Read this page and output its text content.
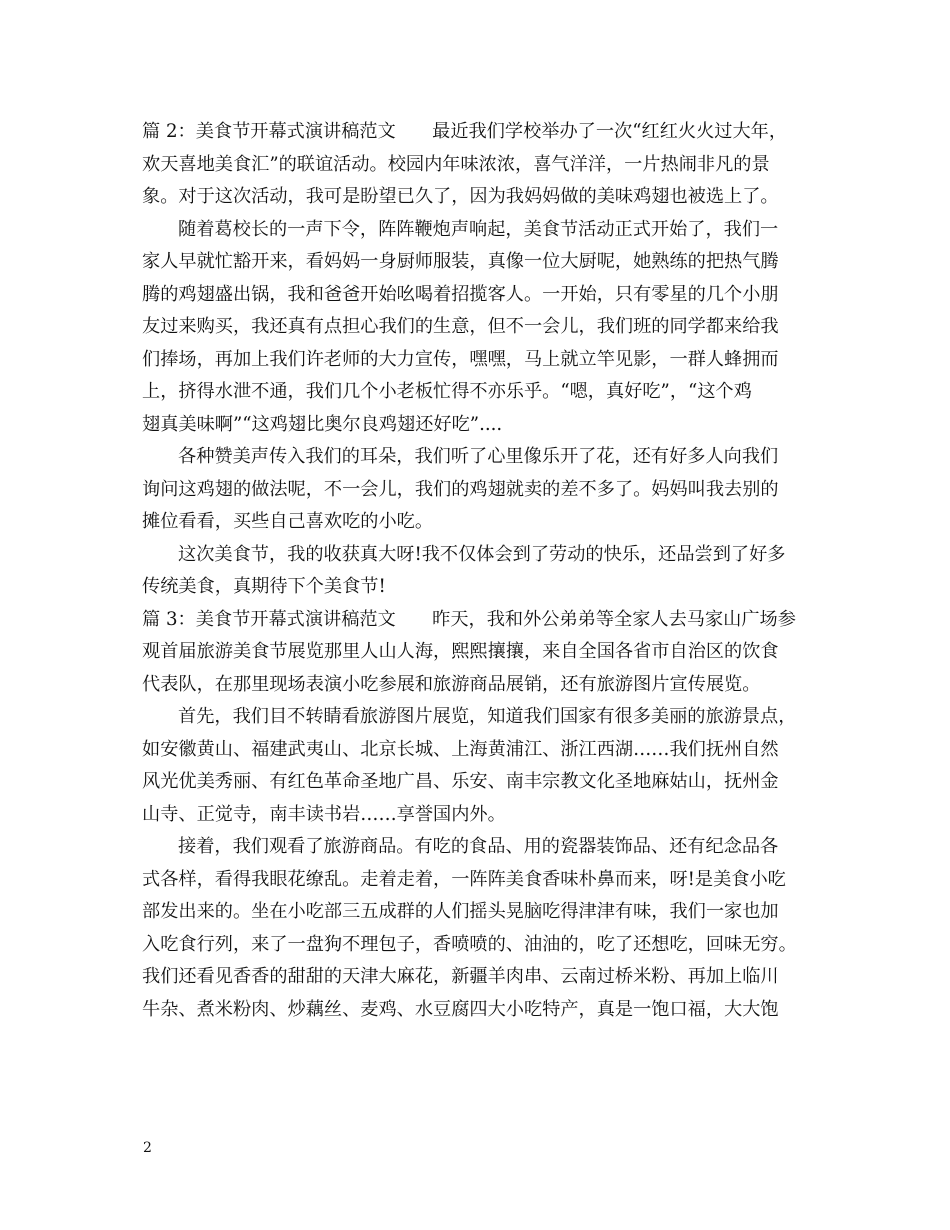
篇 2：美食节开幕式演讲稿范文　　最近我们学校举办了一次“红红火火过大年，
欢天喜地美食汇”的联谊活动。校园内年味浓浓，喜气洋洋，一片热闹非凡的景
象。对于这次活动，我可是盼望已久了，因为我妈妈做的美味鸡翅也被选上了。
随着葛校长的一声下令，阵阵鞭炮声响起，美食节活动正式开始了，我们一
家人早就忙豁开来，看妈妈一身厨师服装，真像一位大厨呢，她熟练的把热气腾
腾的鸡翅盛出锅，我和爸爸开始吆喝着招揽客人。一开始，只有零星的几个小朋
友过来购买，我还真有点担心我们的生意，但不一会儿，我们班的同学都来给我
们捧场，再加上我们许老师的大力宣传，嘿嘿，马上就立竿见影，一群人蜂拥而
上，挤得水泄不通，我们几个小老板忙得不亦乐乎。“嗯，真好吃”，“这个鸡
翅真美味啊”“这鸡翅比奥尔良鸡翅还好吃”....
各种赞美声传入我们的耳朵，我们听了心里像乐开了花，还有好多人向我们
询问这鸡翅的做法呢，不一会儿，我们的鸡翅就卖的差不多了。妈妈叫我去别的
摊位看看，买些自己喜欢吃的小吃。
这次美食节，我的收获真大呀!我不仅体会到了劳动的快乐，还品尝到了好多
传统美食，真期待下个美食节!
篇 3：美食节开幕式演讲稿范文　　昨天，我和外公弟弟等全家人去马家山广场参
观首届旅游美食节展览那里人山人海，熙熙攘攘，来自全国各省市自治区的饮食
代表队，在那里现场表演小吃参展和旅游商品展销，还有旅游图片宣传展览。
首先，我们目不转睛看旅游图片展览，知道我们国家有很多美丽的旅游景点，
如安徽黄山、福建武夷山、北京长城、上海黄浦江、浙江西湖……我们抚州自然
风光优美秀丽、有红色革命圣地广昌、乐安、南丰宗教文化圣地麻姑山，抚州金
山寺、正觉寺，南丰读书岩……享誉国内外。
接着，我们观看了旅游商品。有吃的食品、用的瓷器装饰品、还有纪念品各
式各样，看得我眼花缭乱。走着走着，一阵阵美食香味朴鼻而来，呀!是美食小吃
部发出来的。坐在小吃部三五成群的人们摇头晃脑吃得津津有味，我们一家也加
入吃食行列，来了一盘狗不理包子，香喷喷的、油油的，吃了还想吃，回味无穷。
我们还看见香香的甜甜的天津大麻花，新疆羊肉串、云南过桥米粉、再加上临川
牛杂、煮米粉肉、炒藕丝、麦鸡、水豆腐四大小吃特产，真是一饱口福，大大饱
2
